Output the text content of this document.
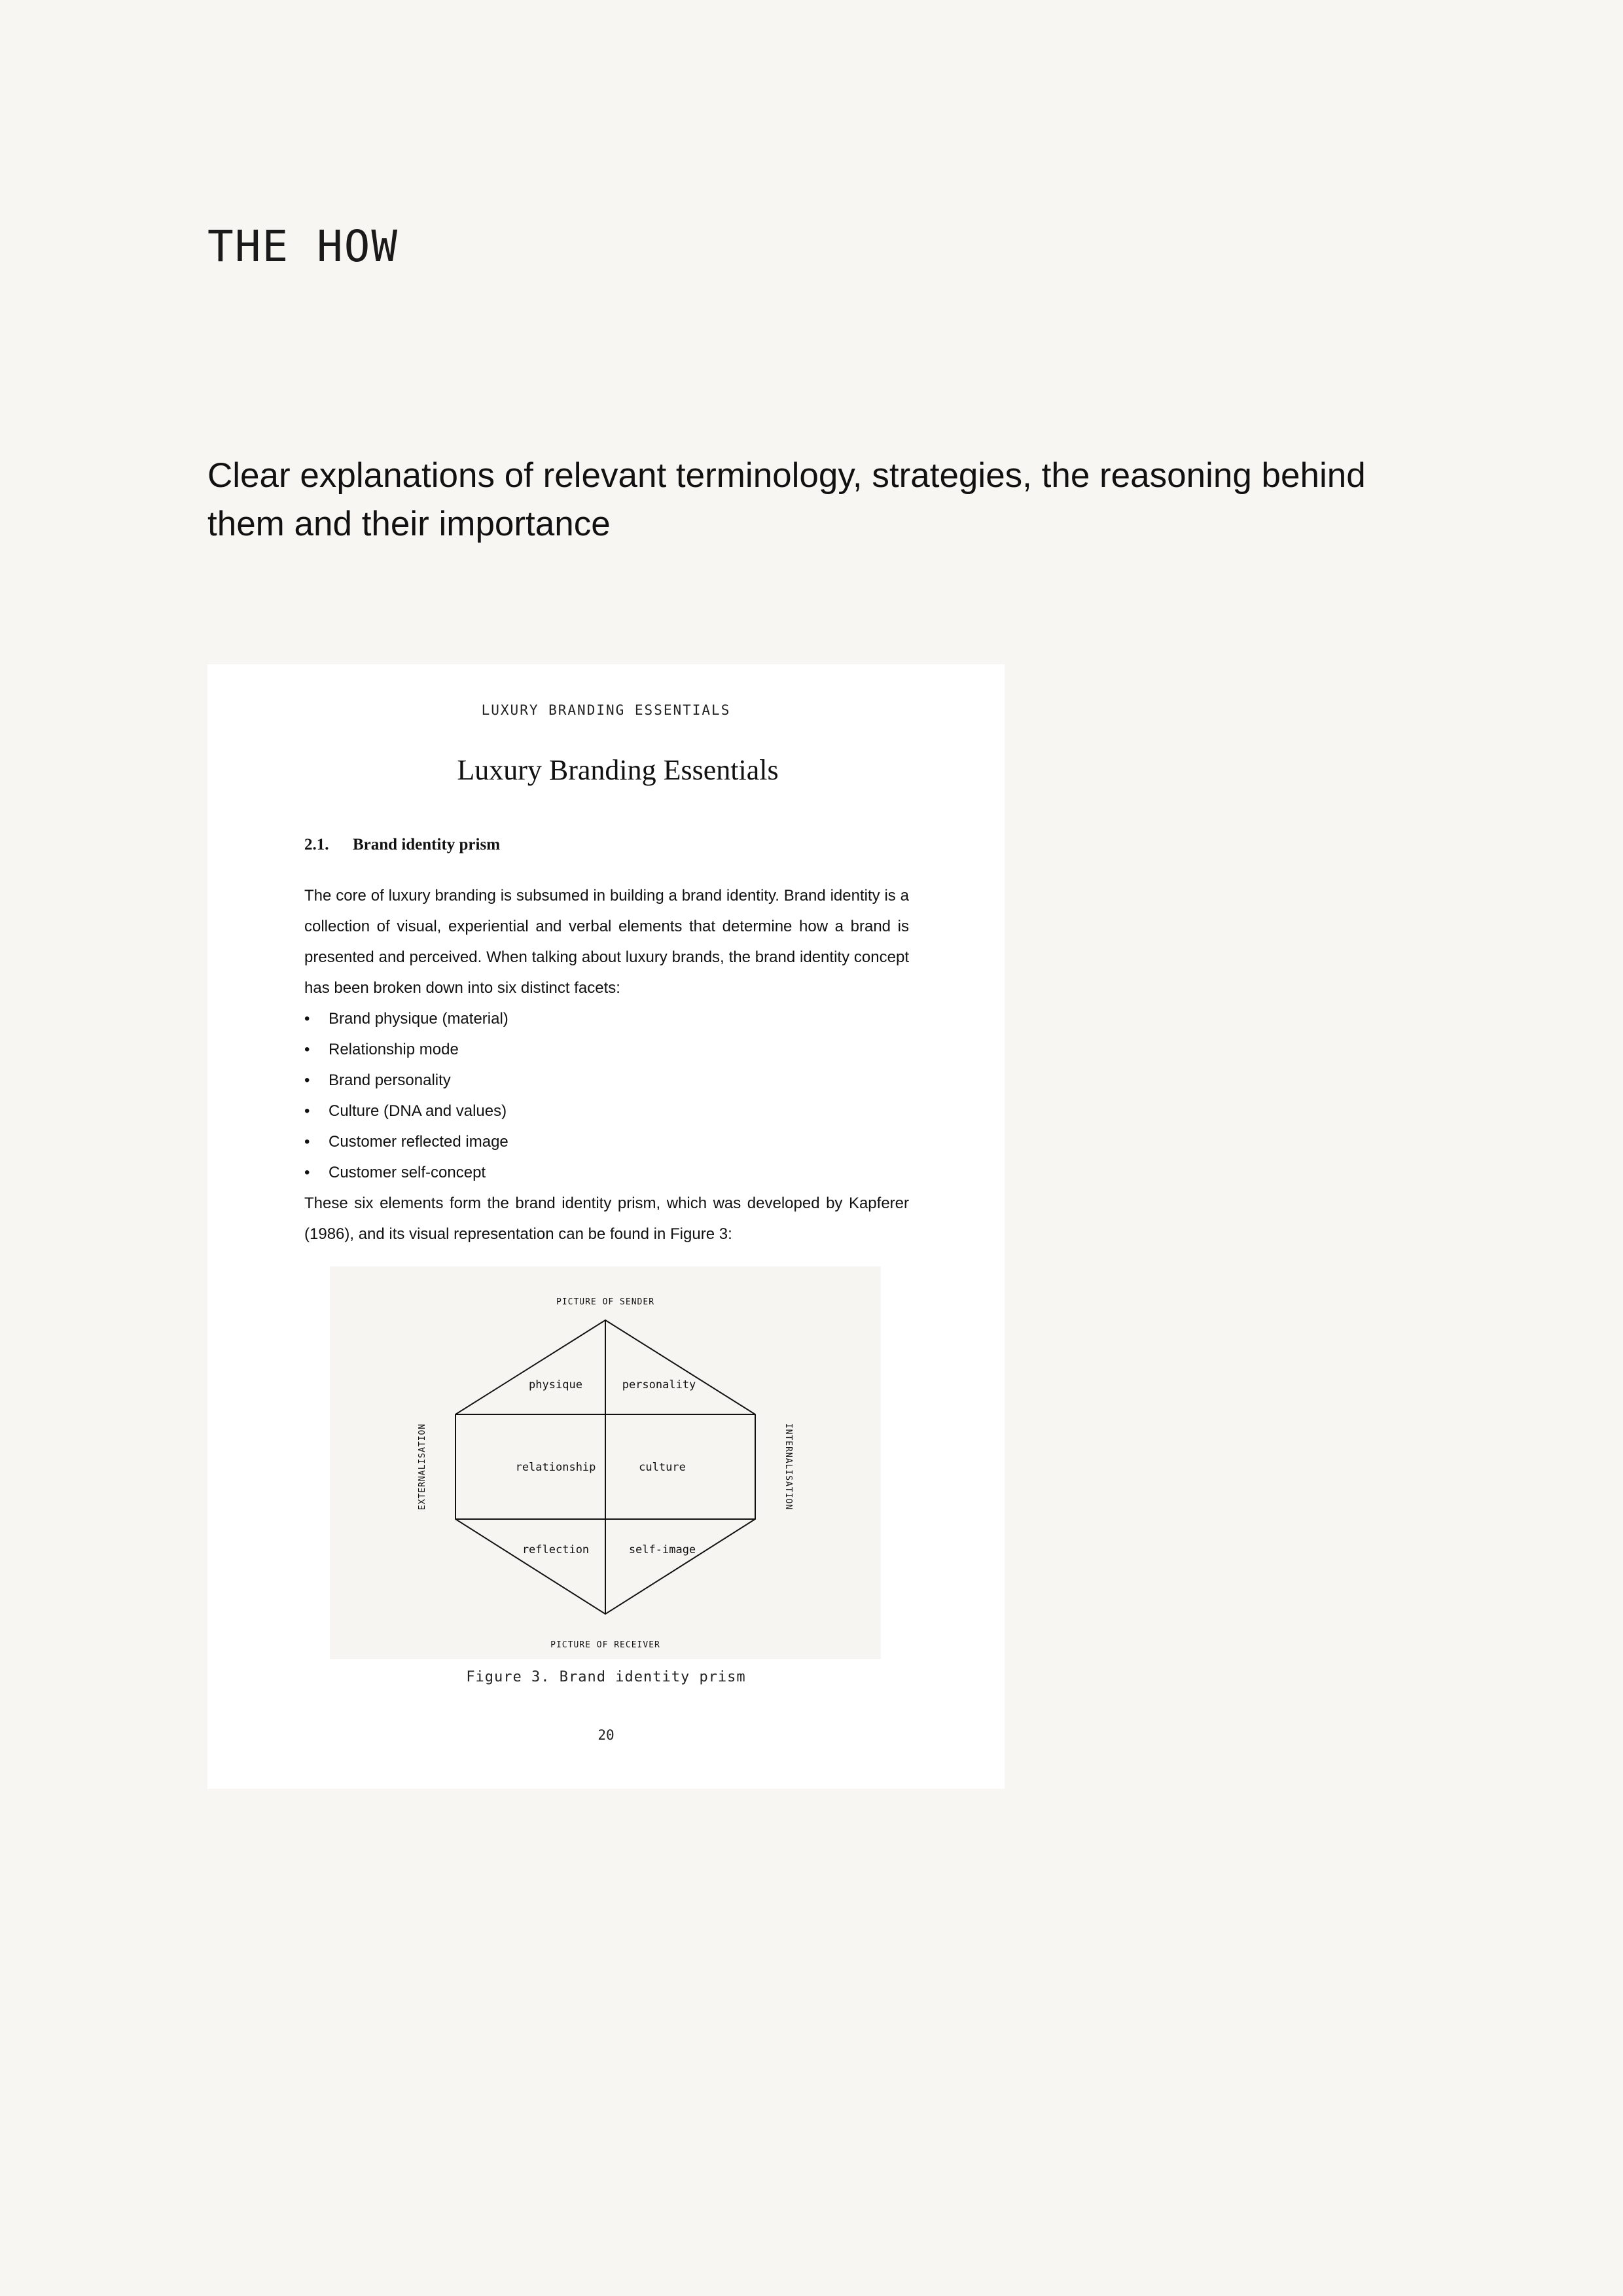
THE HOW

Clear explanations of relevant terminology, strategies, the reasoning behind them and their importance

LUXURY BRANDING ESSENTIALS
Luxury Branding Essentials
2.1. Brand identity prism
The core of luxury branding is subsumed in building a brand identity. Brand identity is a collection of visual, experiential and verbal elements that determine how a brand is presented and perceived. When talking about luxury brands, the brand identity concept has been broken down into six distinct facets:
• Brand physique (material)
• Relationship mode
• Brand personality
• Culture (DNA and values)
• Customer reflected image
• Customer self-concept
These six elements form the brand identity prism, which was developed by Kapferer (1986), and its visual representation can be found in Figure 3:
PICTURE OF SENDER
PICTURE OF RECEIVER
EXTERNALISATION	INTERNALISATION
physique	personality
relationship	culture
reflection	self-image
Figure 3. Brand identity prism
20
